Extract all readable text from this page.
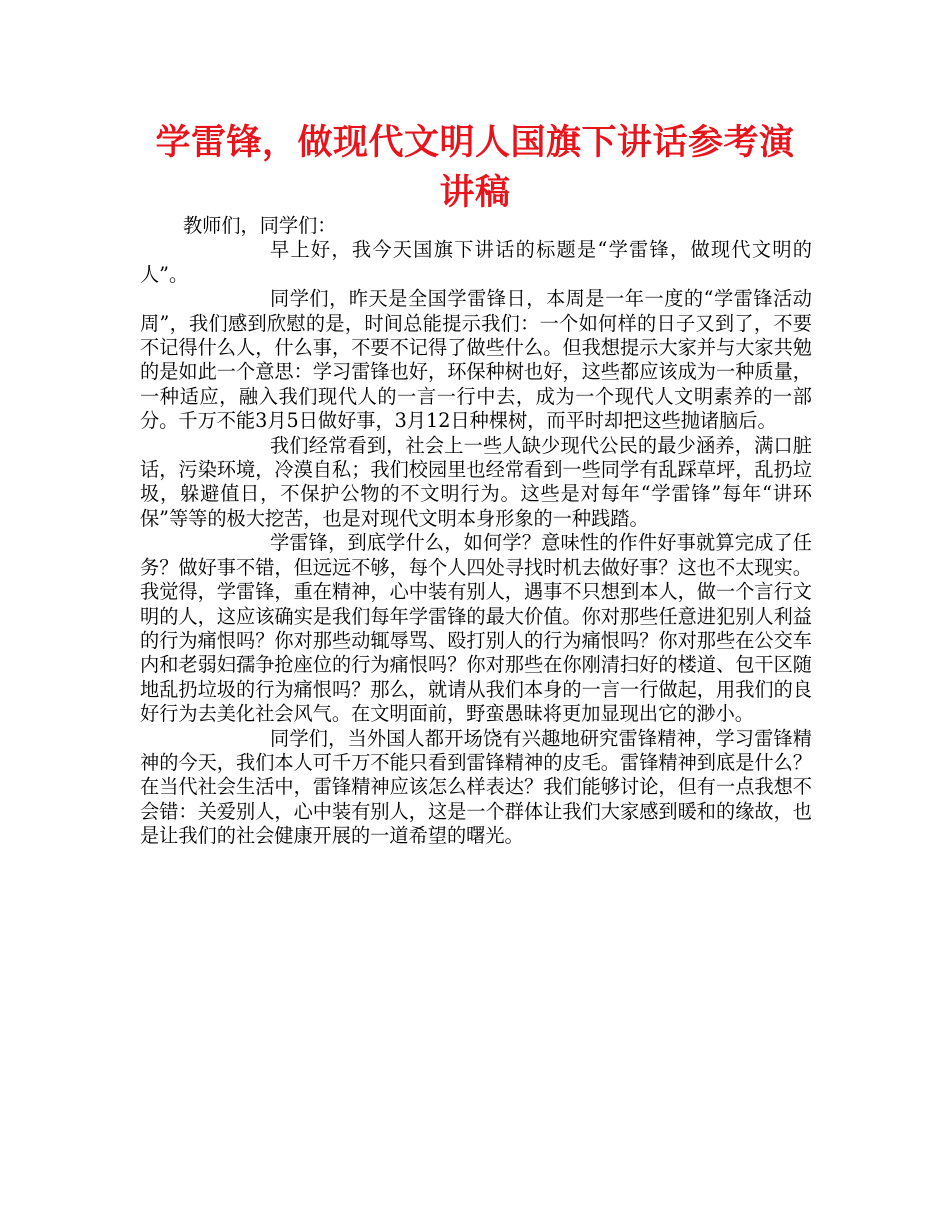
学雷锋，做现代文明人国旗下讲话参考演讲稿

教师们，同学们：

早上好，我今天国旗下讲话的标题是“学雷锋，做现代文明的人”。

同学们，昨天是全国学雷锋日，本周是一年一度的“学雷锋活动周”，我们感到欣慰的是，时间总能提示我们：一个如何样的日子又到了，不要不记得什么人，什么事，不要不记得了做些什么。但我想提示大家并与大家共勉的是如此一个意思：学习雷锋也好，环保种树也好，这些都应该成为一种质量，一种适应，融入我们现代人的一言一行中去，成为一个现代人文明素养的一部分。千万不能3月5日做好事，3月12日种棵树，而平时却把这些抛诸脑后。

我们经常看到，社会上一些人缺少现代公民的最少涵养，满口脏话，污染环境，冷漠自私；我们校园里也经常看到一些同学有乱踩草坪，乱扔垃圾，躲避值日，不保护公物的不文明行为。这些是对每年“学雷锋”每年“讲环保”等等的极大挖苦，也是对现代文明本身形象的一种践踏。

学雷锋，到底学什么，如何学？意味性的作件好事就算完成了任务？做好事不错，但远远不够，每个人四处寻找时机去做好事？这也不太现实。我觉得，学雷锋，重在精神，心中装有别人，遇事不只想到本人，做一个言行文明的人，这应该确实是我们每年学雷锋的最大价值。你对那些任意进犯别人利益的行为痛恨吗？你对那些动辄辱骂、殴打别人的行为痛恨吗？你对那些在公交车内和老弱妇孺争抢座位的行为痛恨吗？你对那些在你刚清扫好的楼道、包干区随地乱扔垃圾的行为痛恨吗？那么，就请从我们本身的一言一行做起，用我们的良好行为去美化社会风气。在文明面前，野蛮愚昧将更加显现出它的渺小。

同学们，当外国人都开场饶有兴趣地研究雷锋精神，学习雷锋精神的今天，我们本人可千万不能只看到雷锋精神的皮毛。雷锋精神到底是什么？在当代社会生活中，雷锋精神应该怎么样表达？我们能够讨论，但有一点我想不会错：关爱别人，心中装有别人，这是一个群体让我们大家感到暖和的缘故，也是让我们的社会健康开展的一道希望的曙光。
